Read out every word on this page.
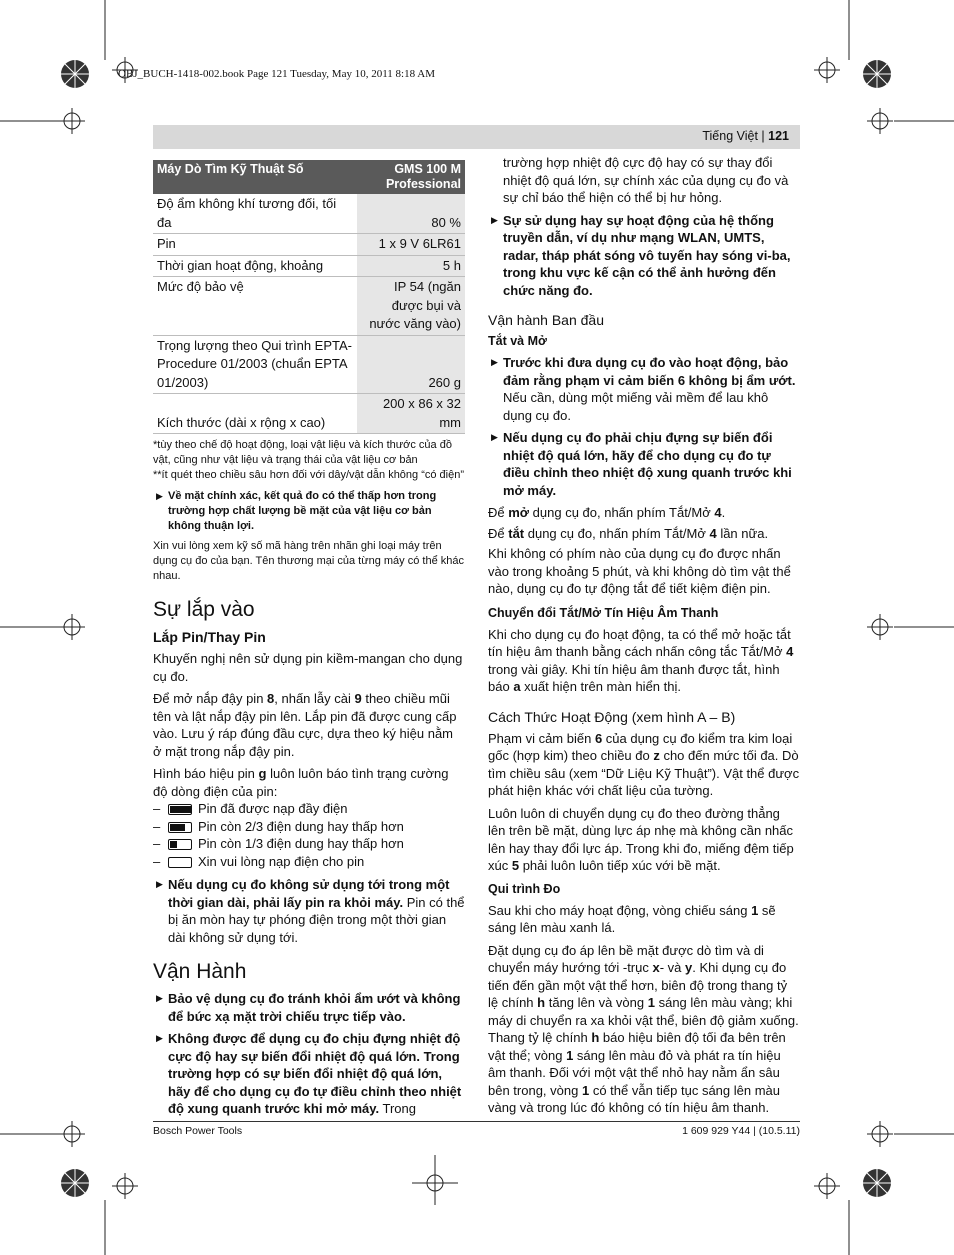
OBJ_BUCH-1418-002.book Page 121 Tuesday, May 10, 2011 8:18 AM
Tiếng Việt | 121
Máy Dò Tìm Kỹ Thuật Số	GMS 100 M
Professional
Độ ẩm không khí tương đối, tối đa	80 %
Pin	1 x 9 V 6LR61
Thời gian hoạt động, khoảng	5 h
Mức độ bảo vệ	IP 54 (ngăn được bụi và nước văng vào)
Trọng lượng theo Qui trình EPTA-Procedure 01/2003 (chuẩn EPTA 01/2003)	260 g
Kích thước (dài x rộng x cao)	200 x 86 x 32 mm
*tùy theo chế độ hoạt động, loại vật liệu và kích thước của đồ vật, cũng như vật liệu và trạng thái của vật liệu cơ bản
**ít quét theo chiều sâu hơn đối với dây/vật dẫn không “có điện”
▶ Về mặt chính xác, kết quả đo có thể thấp hơn trong trường hợp chất lượng bề mặt của vật liệu cơ bản không thuận lợi.
Xin vui lòng xem kỹ số mã hàng trên nhãn ghi loại máy trên dụng cụ đo của bạn. Tên thương mại của từng máy có thể khác nhau.
Sự lắp vào
Lắp Pin/Thay Pin

Khuyến nghị nên sử dụng pin kiềm-mangan cho dụng cụ đo.

Để mở nắp đậy pin 8, nhấn lẫy cài 9 theo chiều mũi tên và lật nắp đậy pin lên. Lắp pin đã được cung cấp vào. Lưu ý ráp đúng đầu cực, dựa theo ký hiệu nằm ở mặt trong nắp đậy pin.

Hình báo hiệu pin g luôn luôn báo tình trạng cường độ dòng điện của pin:

–	Pin đã được nạp đầy điện
–	Pin còn 2/3 điện dung hay thấp hơn
–	Pin còn 1/3 điện dung hay thấp hơn
–	Xin vui lòng nạp điện cho pin
▶ Nếu dụng cụ đo không sử dụng tới trong một thời gian dài, phải lấy pin ra khỏi máy. Pin có thể bị ăn mòn hay tự phóng điện trong một thời gian dài không sử dụng tới.
Vận Hành
▶ Bảo vệ dụng cụ đo tránh khỏi ẩm ướt và không để bức xạ mặt trời chiếu trực tiếp vào.
▶ Không được để dụng cụ đo chịu đựng nhiệt độ cực độ hay sự biến đổi nhiệt độ quá lớn. Trong trường hợp có sự biến đổi nhiệt độ quá lớn, hãy để cho dụng cụ đo tự điều chỉnh theo nhiệt độ xung quanh trước khi mở máy. Trong
trường hợp nhiệt độ cực độ hay có sự thay đổi nhiệt độ quá lớn, sự chính xác của dụng cụ đo và sự chỉ báo thể hiện có thể bị hư hỏng.
▶ Sự sử dụng hay sự hoạt động của hệ thống truyền dẫn, ví dụ như mạng WLAN, UMTS, radar, tháp phát sóng vô tuyến hay sóng vi-ba, trong khu vực kế cận có thể ảnh hưởng đến chức năng đo.
Vận hành Ban đầu
Tắt và Mở
▶ Trước khi đưa dụng cụ đo vào hoạt động, bảo đảm rằng phạm vi cảm biến 6 không bị ẩm ướt. Nếu cần, dùng một miếng vải mềm để lau khô dụng cụ đo.
▶ Nếu dụng cụ đo phải chịu đựng sự biến đổi nhiệt độ quá lớn, hãy để cho dụng cụ đo tự điều chỉnh theo nhiệt độ xung quanh trước khi mở máy.

Để mở dụng cụ đo, nhấn phím Tắt/Mở 4.

Để tắt dụng cụ đo, nhấn phím Tắt/Mở 4 lần nữa.

Khi không có phím nào của dụng cụ đo được nhấn vào trong khoảng 5 phút, và khi không dò tìm vật thể nào, dụng cụ đo tự động tắt để tiết kiệm điện pin.

Chuyển đổi Tắt/Mở Tín Hiệu Âm Thanh

Khi cho dụng cụ đo hoạt động, ta có thể mở hoặc tắt tín hiệu âm thanh bằng cách nhấn công tắc Tắt/Mở 4 trong vài giây. Khi tín hiệu âm thanh được tắt, hình báo a xuất hiện trên màn hiển thị.

Cách Thức Hoạt Động (xem hình A – B)

Phạm vi cảm biến 6 của dụng cụ đo kiểm tra kim loại gốc (hợp kim) theo chiều đo z cho đến mức tối đa. Dò tìm chiều sâu (xem “Dữ Liệu Kỹ Thuật”). Vật thể được phát hiện khác với chất liệu của tường.

Luôn luôn di chuyển dụng cụ đo theo đường thẳng lên trên bề mặt, dùng lực áp nhẹ mà không cần nhấc lên hay thay đổi lực áp. Trong khi đo, miếng đệm tiếp xúc 5 phải luôn luôn tiếp xúc với bề mặt.

Qui trình Đo

Sau khi cho máy hoạt động, vòng chiếu sáng 1 sẽ sáng lên màu xanh lá.

Đặt dụng cụ đo áp lên bề mặt được dò tìm và di chuyển máy hướng tới -trục x- và y. Khi dụng cụ đo tiến đến gần một vật thể hơn, biên độ trong thang tỷ lệ chính h tăng lên và vòng 1 sáng lên màu vàng; khi máy di chuyển ra xa khỏi vật thể, biên độ giảm xuống. Thang tỷ lệ chính h báo hiệu biên độ tối đa bên trên vật thể; vòng 1 sáng lên màu đỏ và phát ra tín hiệu âm thanh. Đối với một vật thể nhỏ hay nằm ẩn sâu bên trong, vòng 1 có thể vẫn tiếp tục sáng lên màu vàng và trong lúc đó không có tín hiệu âm thanh.

Bosch Power Tools	1 609 929 Y44 | (10.5.11)
